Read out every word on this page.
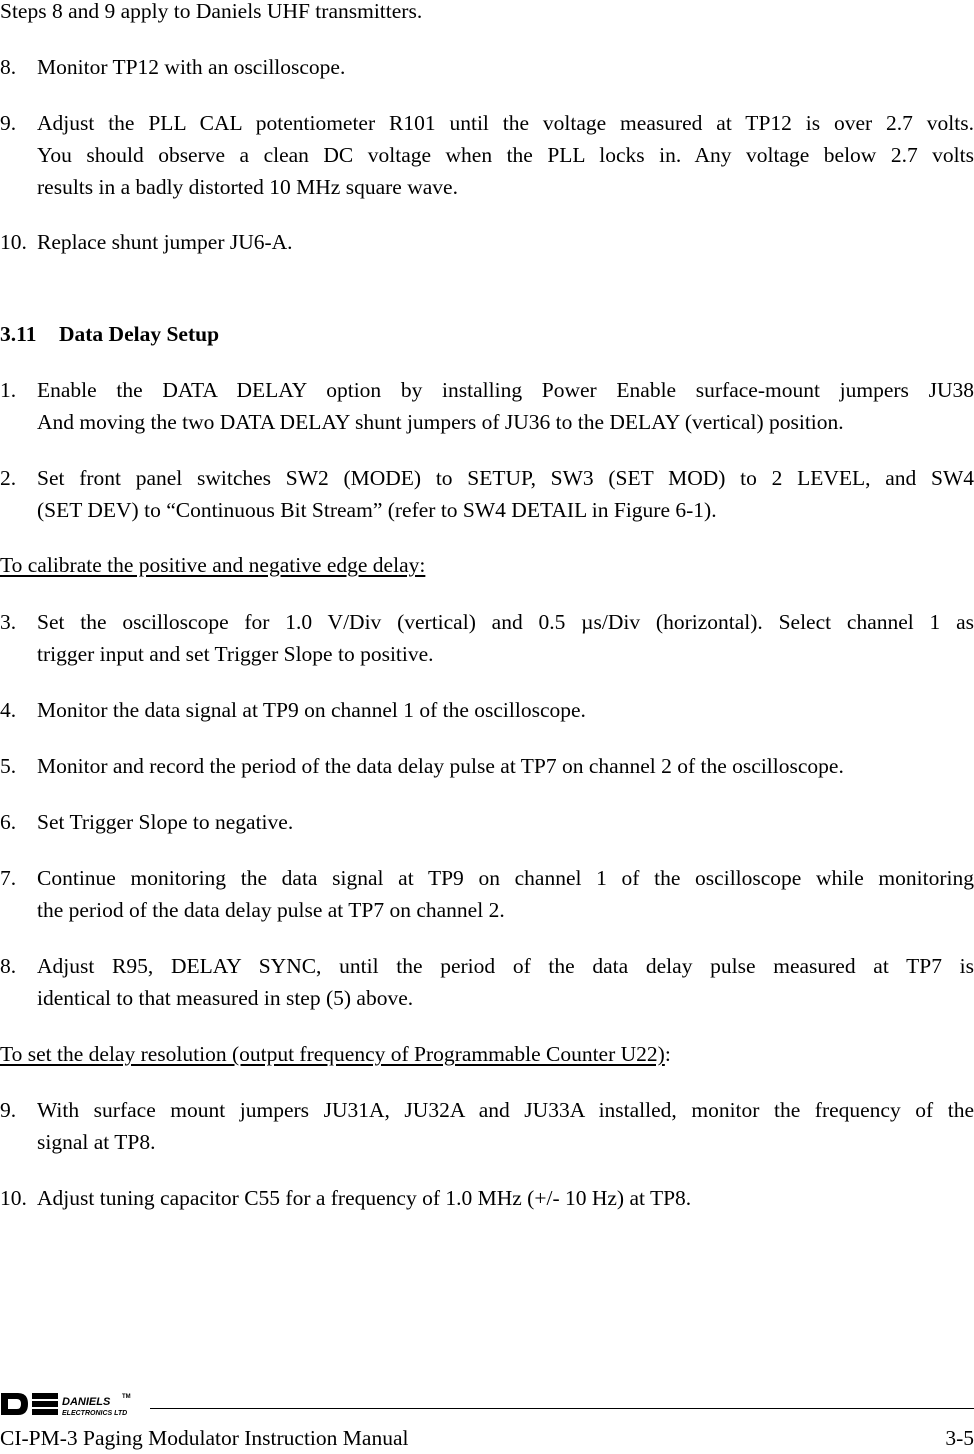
Steps 8 and 9 apply to Daniels UHF transmitters.
8. Monitor TP12 with an oscilloscope.
9. Adjust the PLL CAL potentiometer R101 until the voltage measured at TP12 is over 2.7 volts.
You should observe a clean DC voltage when the PLL locks in. Any voltage below 2.7 volts
results in a badly distorted 10 MHz square wave.
10. Replace shunt jumper JU6-A.
3.11 Data Delay Setup
1. Enable the DATA DELAY option by installing Power Enable surface-mount jumpers JU38
And moving the two DATA DELAY shunt jumpers of JU36 to the DELAY (vertical) position.
2. Set front panel switches SW2 (MODE) to SETUP, SW3 (SET MOD) to 2 LEVEL, and SW4
(SET DEV) to “Continuous Bit Stream” (refer to SW4 DETAIL in Figure 6-1).
To calibrate the positive and negative edge delay:
3. Set the oscilloscope for 1.0 V/Div (vertical) and 0.5 µs/Div (horizontal). Select channel 1 as
trigger input and set Trigger Slope to positive.
4. Monitor the data signal at TP9 on channel 1 of the oscilloscope.
5. Monitor and record the period of the data delay pulse at TP7 on channel 2 of the oscilloscope.
6. Set Trigger Slope to negative.
7. Continue monitoring the data signal at TP9 on channel 1 of the oscilloscope while monitoring
the period of the data delay pulse at TP7 on channel 2.
8. Adjust R95, DELAY SYNC, until the period of the data delay pulse measured at TP7 is
identical to that measured in step (5) above.
To set the delay resolution (output frequency of Programmable Counter U22):
9. With surface mount jumpers JU31A, JU32A and JU33A installed, monitor the frequency of the
signal at TP8.
10. Adjust tuning capacitor C55 for a frequency of 1.0 MHz (+/- 10 Hz) at TP8.
DANIELS TM
ELECTRONICS LTD
CI-PM-3 Paging Modulator Instruction Manual	3-5
